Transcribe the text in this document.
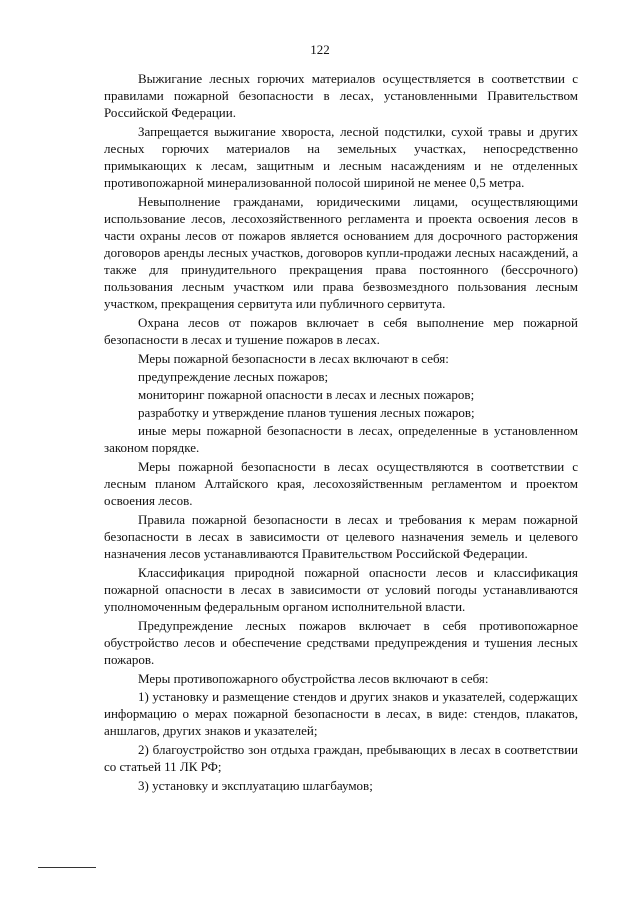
122

Выжигание лесных горючих материалов осуществляется в соответствии с правилами пожарной безопасности в лесах, установленными Правительством Российской Федерации.

Запрещается выжигание хвороста, лесной подстилки, сухой травы и других лесных горючих материалов на земельных участках, непосредственно примыкающих к лесам, защитным и лесным насаждениям и не отделенных противопожарной минерализованной полосой шириной не менее 0,5 метра.

Невыполнение гражданами, юридическими лицами, осуществляющими использование лесов, лесохозяйственного регламента и проекта освоения лесов в части охраны лесов от пожаров является основанием для досрочного расторжения договоров аренды лесных участков, договоров купли-продажи лесных насаждений, а также для принудительного прекращения права постоянного (бессрочного) пользования лесным участком или права безвозмездного пользования лесным участком, прекращения сервитута или публичного сервитута.

Охрана лесов от пожаров включает в себя выполнение мер пожарной безопасности в лесах и тушение пожаров в лесах.

Меры пожарной безопасности в лесах включают в себя:

предупреждение лесных пожаров;

мониторинг пожарной опасности в лесах и лесных пожаров;

разработку и утверждение планов тушения лесных пожаров;

иные меры пожарной безопасности в лесах, определенные в установленном законом порядке.

Меры пожарной безопасности в лесах осуществляются в соответствии с лесным планом Алтайского края, лесохозяйственным регламентом и проектом освоения лесов.

Правила пожарной безопасности в лесах и требования к мерам пожарной безопасности в лесах в зависимости от целевого назначения земель и целевого назначения лесов устанавливаются Правительством Российской Федерации.

Классификация природной пожарной опасности лесов и классификация пожарной опасности в лесах в зависимости от условий погоды устанавливаются уполномоченным федеральным органом исполнительной власти.

Предупреждение лесных пожаров включает в себя противопожарное обустройство лесов и обеспечение средствами предупреждения и тушения лесных пожаров.

Меры противопожарного обустройства лесов включают в себя:

1) установку и размещение стендов и других знаков и указателей, содержащих информацию о мерах пожарной безопасности в лесах, в виде: стендов, плакатов, аншлагов, других знаков и указателей;

2) благоустройство зон отдыха граждан, пребывающих в лесах в соответствии со статьей 11 ЛК РФ;

3) установку и эксплуатацию шлагбаумов;
